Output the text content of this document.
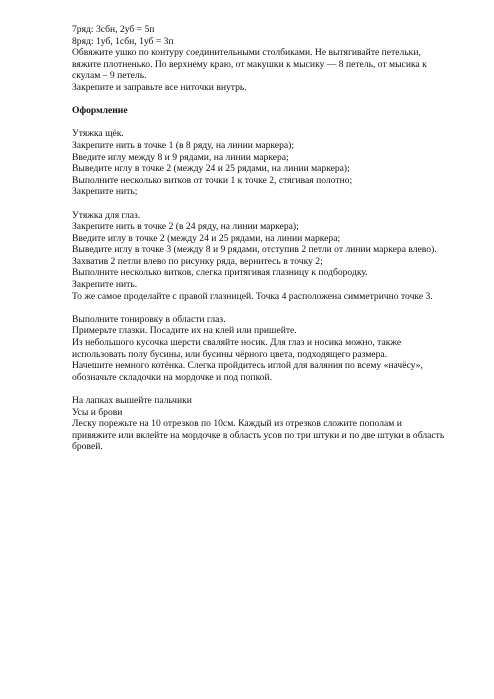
7ряд: 3сбн, 2уб = 5п
8ряд: 1уб, 1сбн, 1уб = 3п
Обвяжите ушко по контуру соединительными столбиками. Не вытягивайте петельки,
вяжите плотненько. По верхнему краю, от макушки к мысику — 8 петель, от мысика к
скулам – 9 петель.
Закрепите и заправьте все ниточки внутрь.
Оформление
Утяжка щёк.
Закрепите нить в точке 1 (в 8 ряду, на линии маркера);
Введите иглу между 8 и 9 рядами, на линии маркера;
Выведите иглу в точке 2 (между 24 и 25 рядами, на линии маркера);
Выполните несколько витков от точки 1 к точке 2, стягивая полотно;
Закрепите нить;
Утяжка для глаз.
Закрепите нить в точке 2 (в 24 ряду, на линии маркера);
Введите иглу в точке 2 (между 24 и 25 рядами, на линии маркера;
Выведите иглу в точке 3 (между 8 и 9 рядами, отступив 2 петли от линии маркера влево).
Захватив 2 петли влево по рисунку ряда, вернитесь в точку 2;
Выполните несколько витков, слегка притягивая глазницу к подбородку.
Закрепите нить.
То же самое проделайте с правой глазницей. Точка 4 расположена симметрично точке 3.
Выполните тонировку в области глаз.
Примерьте глазки. Посадите их на клей или пришейте.
Из небольшого кусочка шерсти сваляйте носик. Для глаз и носика можно, также
использовать полу бусины, или бусины чёрного цвета, подходящего размера.
Начешите немного котёнка. Слегка пройдитесь иглой для валяния по всему «начёсу»,
обозначьте складочки на мордочке и под попкой.
На лапках вышейте пальчики
Усы и брови
Леску порежьте на 10 отрезков по 10см. Каждый из отрезков сложите пополам и
привяжите или вклейте на мордочке в область усов по три штуки и по две штуки в область
бровей.
